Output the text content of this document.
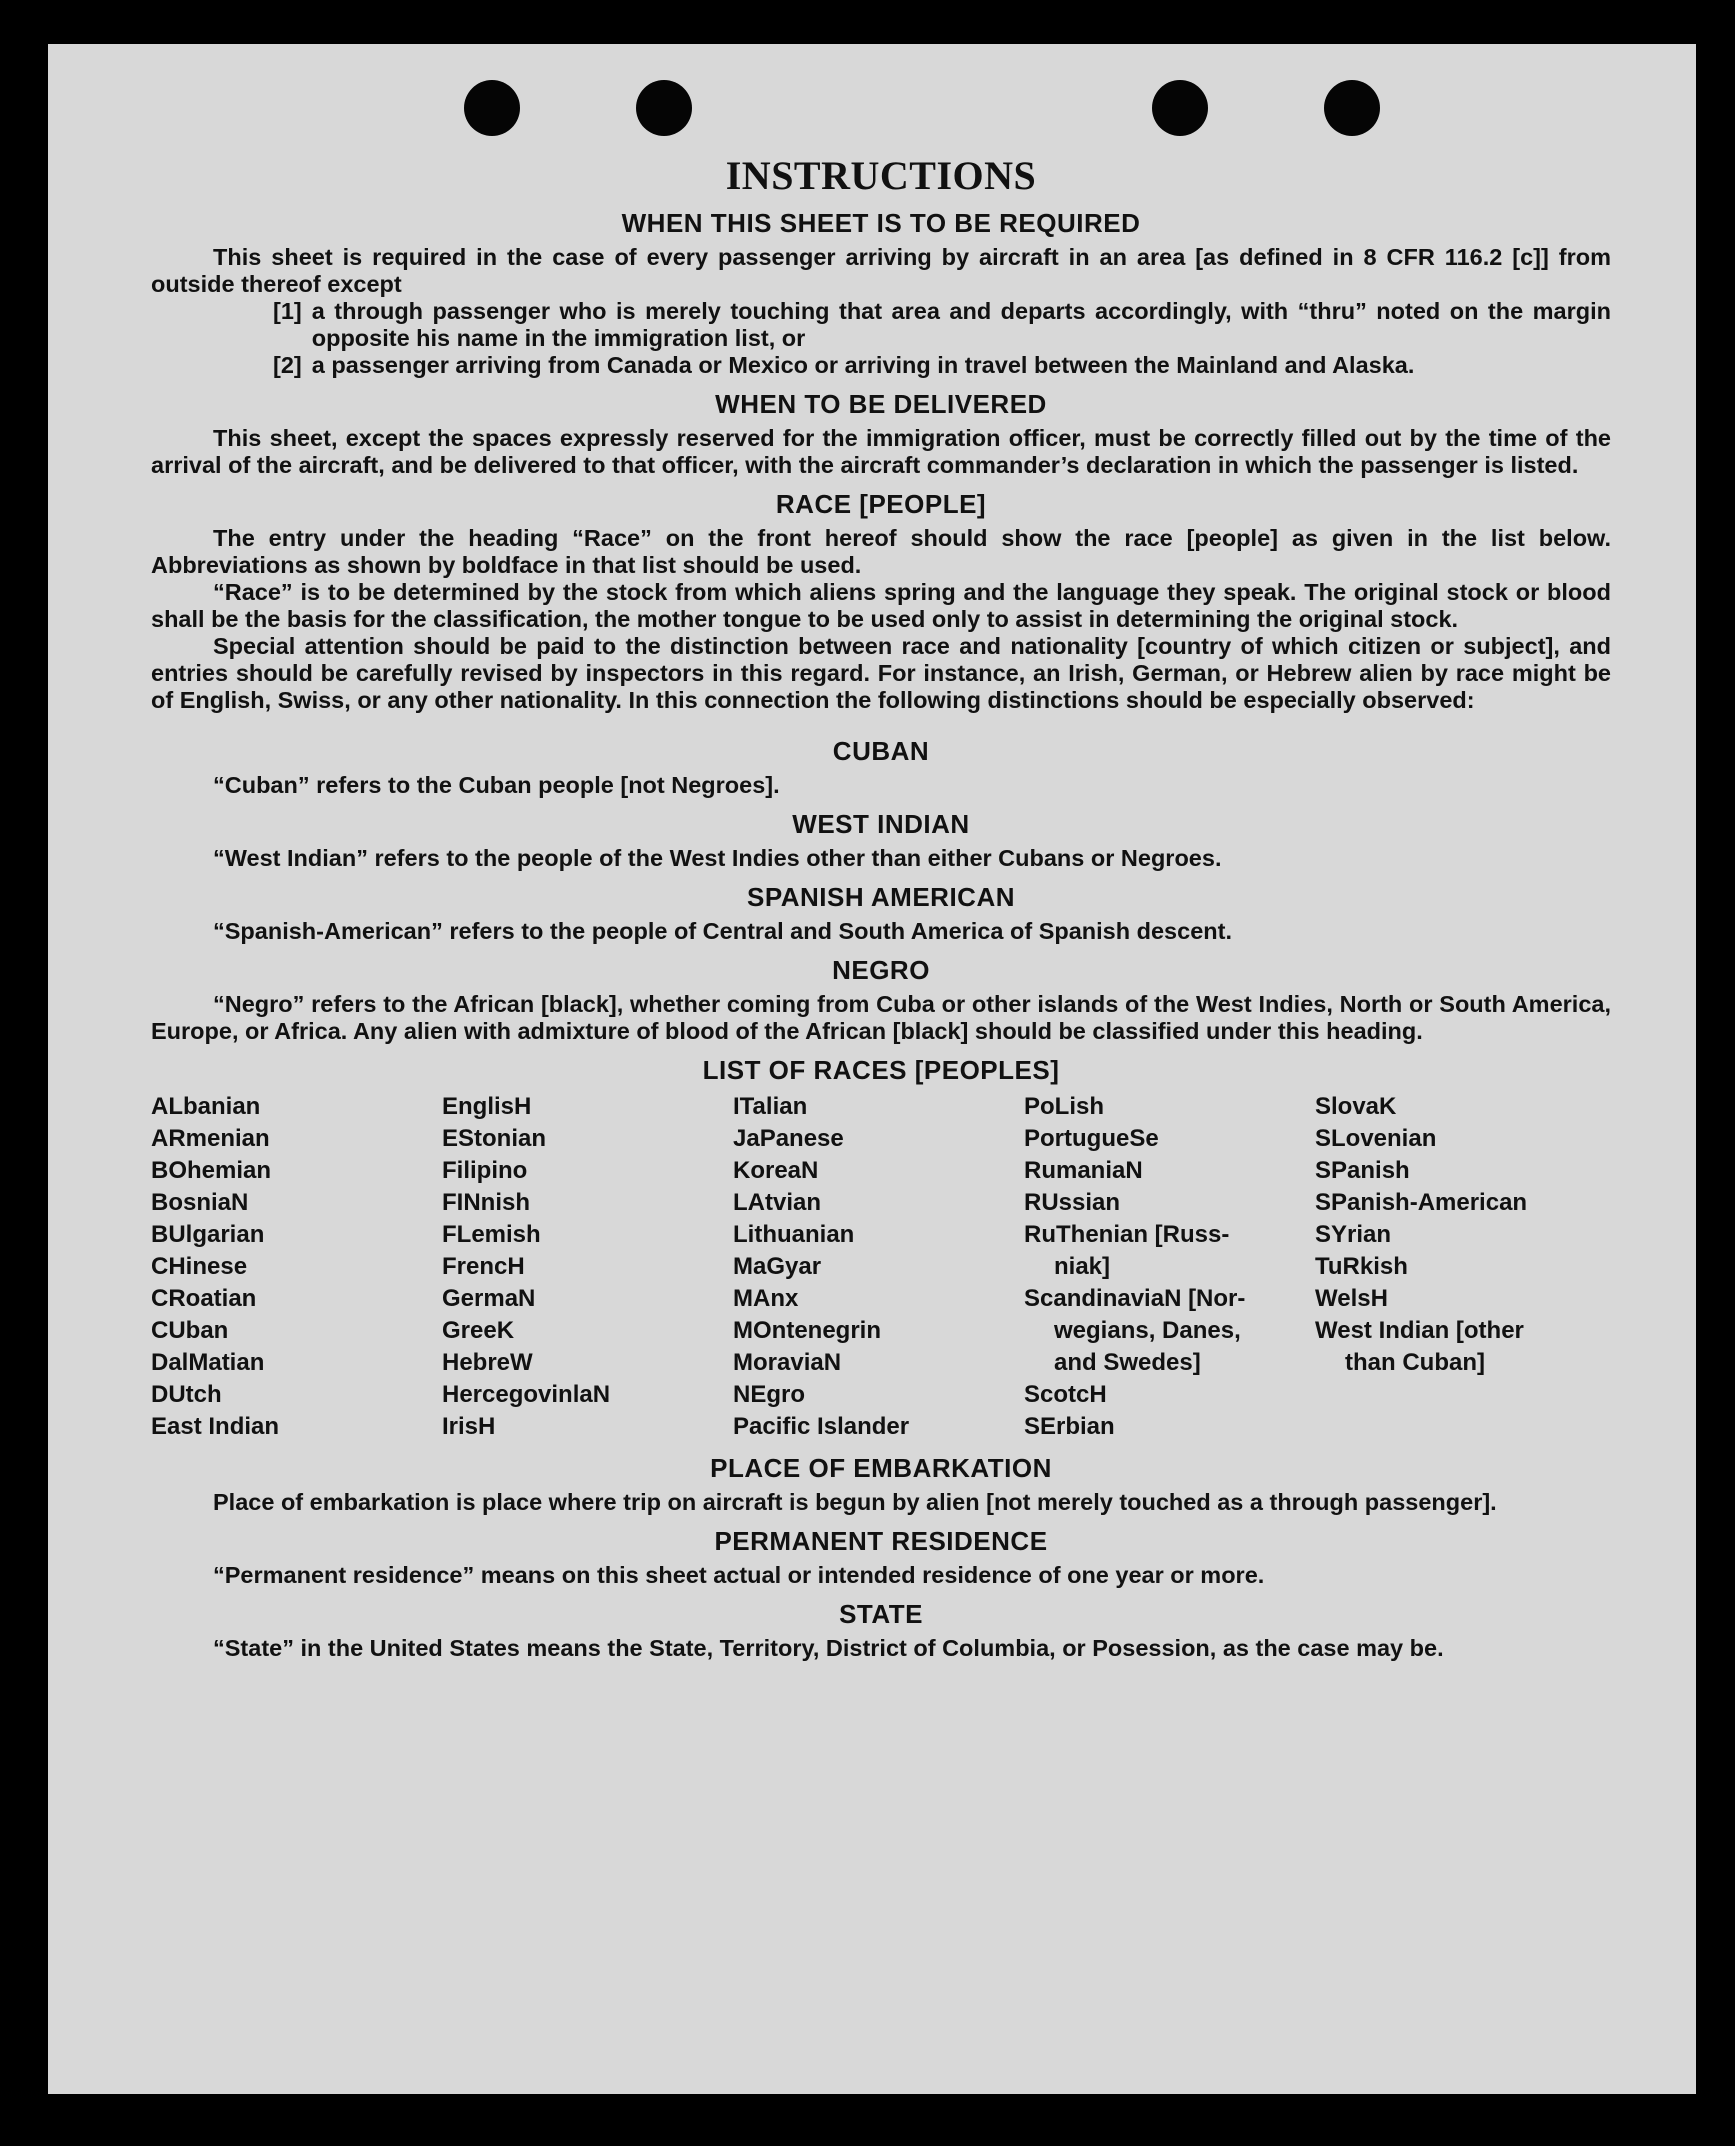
INSTRUCTIONS
WHEN THIS SHEET IS TO BE REQUIRED

This sheet is required in the case of every passenger arriving by aircraft in an area [as defined in 8 CFR 116.2 [c]] from outside thereof except

[1] a through passenger who is merely touching that area and departs accordingly, with “thru” noted on the margin opposite his name in the immigration list, or
[2] a passenger arriving from Canada or Mexico or arriving in travel between the Mainland and Alaska.
WHEN TO BE DELIVERED

This sheet, except the spaces expressly reserved for the immigration officer, must be correctly filled out by the time of the arrival of the aircraft, and be delivered to that officer, with the aircraft commander’s declaration in which the passenger is listed.

RACE [PEOPLE]

The entry under the heading “Race” on the front hereof should show the race [people] as given in the list below. Abbreviations as shown by boldface in that list should be used.

“Race” is to be determined by the stock from which aliens spring and the language they speak. The original stock or blood shall be the basis for the classification, the mother tongue to be used only to assist in determining the original stock.

Special attention should be paid to the distinction between race and nationality [country of which citizen or subject], and entries should be carefully revised by inspectors in this regard. For instance, an Irish, German, or Hebrew alien by race might be of English, Swiss, or any other nationality. In this connection the following distinctions should be especially observed:

CUBAN

“Cuban” refers to the Cuban people [not Negroes].

WEST INDIAN

“West Indian” refers to the people of the West Indies other than either Cubans or Negroes.

SPANISH AMERICAN

“Spanish-American” refers to the people of Central and South America of Spanish descent.

NEGRO

“Negro” refers to the African [black], whether coming from Cuba or other islands of the West Indies, North or South America, Europe, or Africa. Any alien with admixture of blood of the African [black] should be classified under this heading.

LIST OF RACES [PEOPLES]
ALbanian
ARmenian
BOhemian
BosniaN
BUlgarian
CHinese
CRoatian
CUban
DalMatian
DUtch
East Indian
EnglisH
EStonian
Filipino
FINnish
FLemish
FrencH
GermaN
GreeK
HebreW
HercegovinlaN
IrisH
ITalian
JaPanese
KoreaN
LAtvian
Lithuanian
MaGyar
MAnx
MOntenegrin
MoraviaN
NEgro
Pacific Islander
PoLish
PortugueSe
RumaniaN
RUssian
RuThenian [Russ-
niak]
ScandinaviaN [Nor-
wegians, Danes,
and Swedes]
ScotcH
SErbian
SlovaK
SLovenian
SPanish
SPanish-American
SYrian
TuRkish
WelsH
West Indian [other
than Cuban]
PLACE OF EMBARKATION

Place of embarkation is place where trip on aircraft is begun by alien [not merely touched as a through passenger].

PERMANENT RESIDENCE

“Permanent residence” means on this sheet actual or intended residence of one year or more.

STATE

“State” in the United States means the State, Territory, District of Columbia, or Posession, as the case may be.
